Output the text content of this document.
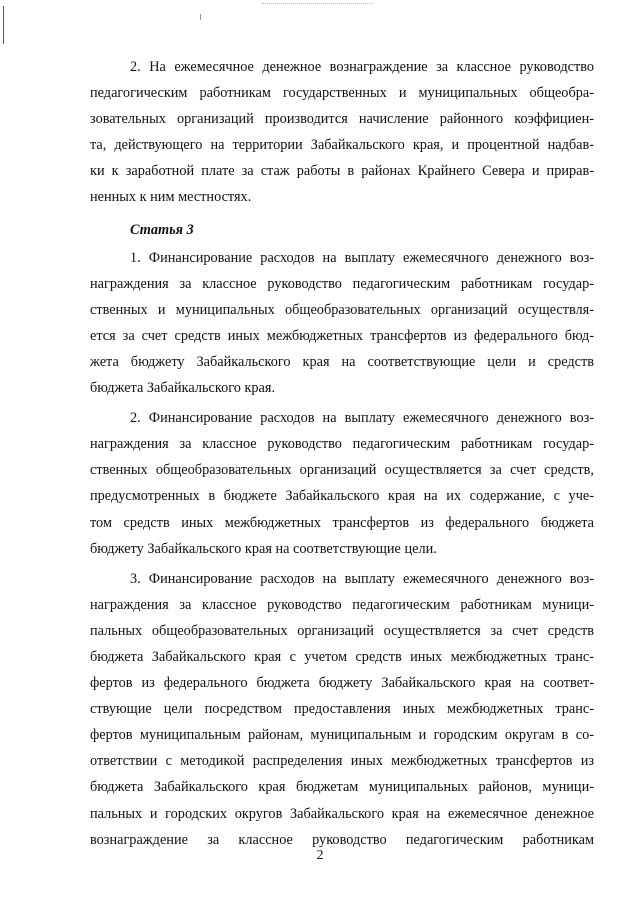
2. На ежемесячное денежное вознаграждение за классное руководство
педагогическим работникам государственных и муниципальных общеобра-
зовательных организаций производится начисление районного коэффициен-
та, действующего на территории Забайкальского края, и процентной надбав-
ки к заработной плате за стаж работы в районах Крайнего Севера и прирав-
ненных к ним местностях.
Статья 3
1. Финансирование расходов на выплату ежемесячного денежного воз-
награждения за классное руководство педагогическим работникам государ-
ственных и муниципальных общеобразовательных организаций осуществля-
ется за счет средств иных межбюджетных трансфертов из федерального бюд-
жета бюджету Забайкальского края на соответствующие цели и средств
бюджета Забайкальского края.
2. Финансирование расходов на выплату ежемесячного денежного воз-
награждения за классное руководство педагогическим работникам государ-
ственных общеобразовательных организаций осуществляется за счет средств,
предусмотренных в бюджете Забайкальского края на их содержание, с уче-
том средств иных межбюджетных трансфертов из федерального бюджета
бюджету Забайкальского края на соответствующие цели.
3. Финансирование расходов на выплату ежемесячного денежного воз-
награждения за классное руководство педагогическим работникам муници-
пальных общеобразовательных организаций осуществляется за счет средств
бюджета Забайкальского края с учетом средств иных межбюджетных транс-
фертов из федерального бюджета бюджету Забайкальского края на соответ-
ствующие цели посредством предоставления иных межбюджетных транс-
фертов муниципальным районам, муниципальным и городским округам в со-
ответствии с методикой распределения иных межбюджетных трансфертов из
бюджета Забайкальского края бюджетам муниципальных районов, муници-
пальных и городских округов Забайкальского края на ежемесячное денежное
вознаграждение за классное руководство педагогическим работникам
2
